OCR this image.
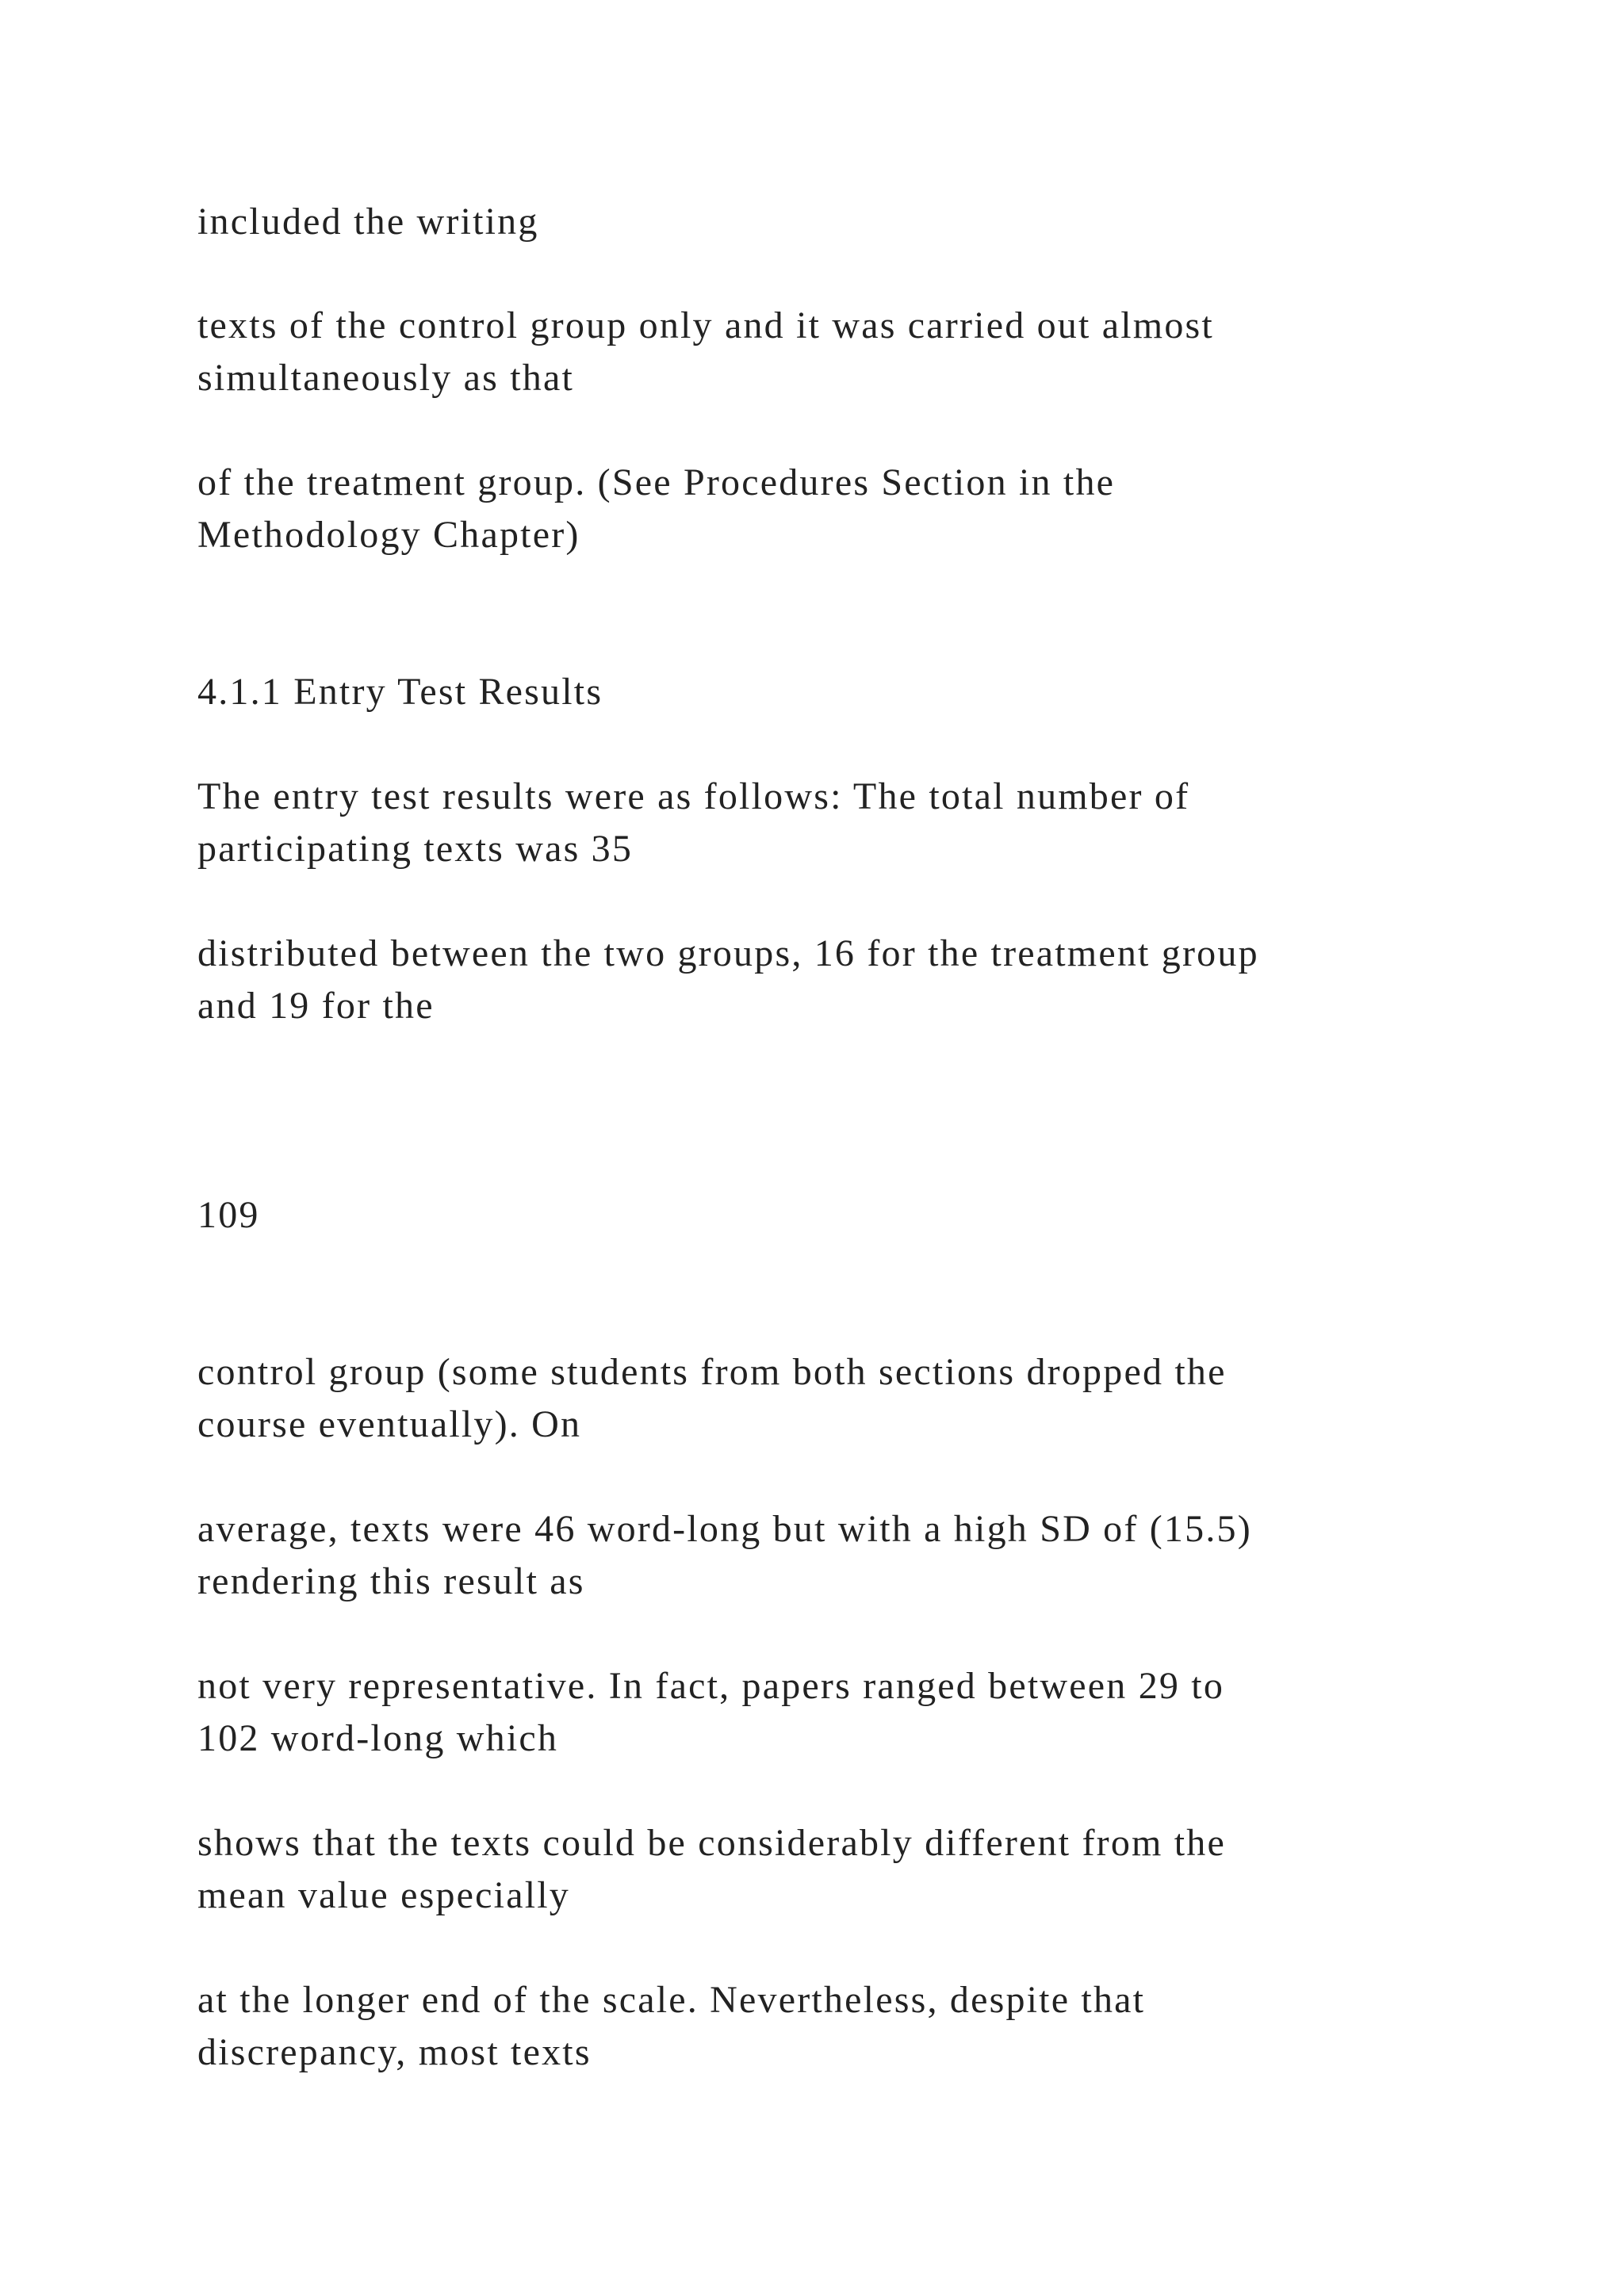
included the writing

texts of the control group only and it was carried out almost
simultaneously as that

of the treatment group. (See Procedures Section in the
Methodology Chapter)

4.1.1 Entry Test Results

The entry test results were as follows: The total number of
participating texts was 35

distributed between the two groups, 16 for the treatment group
and 19 for the

109

control group (some students from both sections dropped the
course eventually). On

average, texts were 46 word-long but with a high SD of (15.5)
rendering this result as

not very representative. In fact, papers ranged between 29 to
102 word-long which

shows that the texts could be considerably different from the
mean value especially

at the longer end of the scale. Nevertheless, despite that
discrepancy, most texts
